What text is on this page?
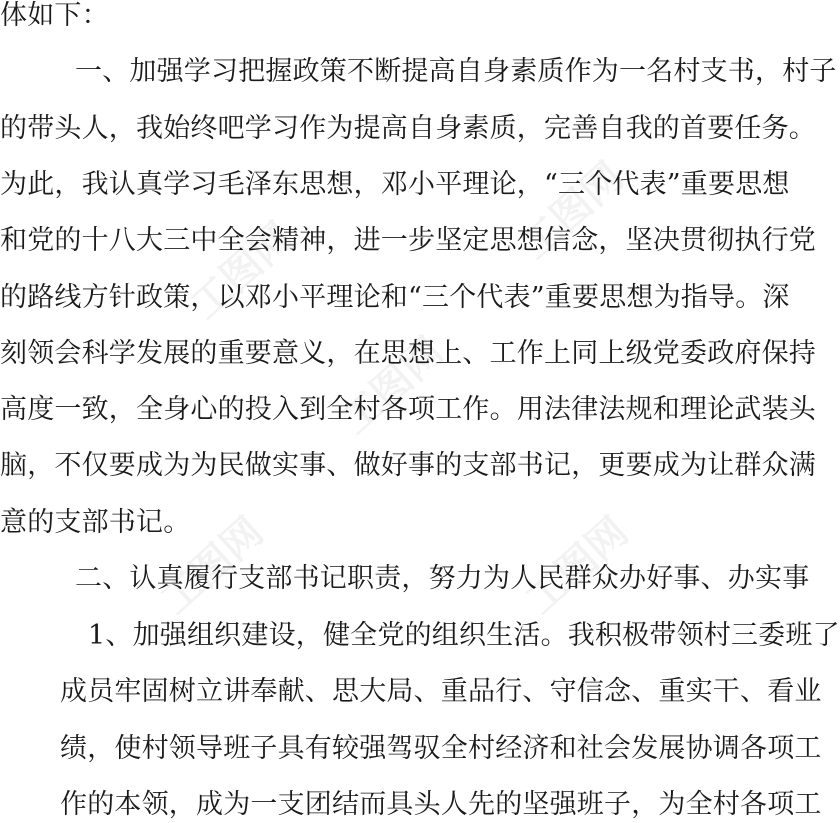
工图网
工图网
工图网
工图网	工图网
体如下：
一、加强学习把握政策不断提高自身素质作为一名村支书，村子
的带头人，我始终吧学习作为提高自身素质，完善自我的首要任务。
为此，我认真学习毛泽东思想，邓小平理论，“三个代表”重要思想
和党的十八大三中全会精神，进一步坚定思想信念，坚决贯彻执行党
的路线方针政策，以邓小平理论和“三个代表”重要思想为指导。深
刻领会科学发展的重要意义，在思想上、工作上同上级党委政府保持
高度一致，全身心的投入到全村各项工作。用法律法规和理论武装头
脑，不仅要成为为民做实事、做好事的支部书记，更要成为让群众满
意的支部书记。
二、认真履行支部书记职责，努力为人民群众办好事、办实事
1、加强组织建设，健全党的组织生活。我积极带领村三委班了
成员牢固树立讲奉献、思大局、重品行、守信念、重实干、看业
绩，使村领导班子具有较强驾驭全村经济和社会发展协调各项工
作的本领，成为一支团结而具头人先的坚强班子，为全村各项工
